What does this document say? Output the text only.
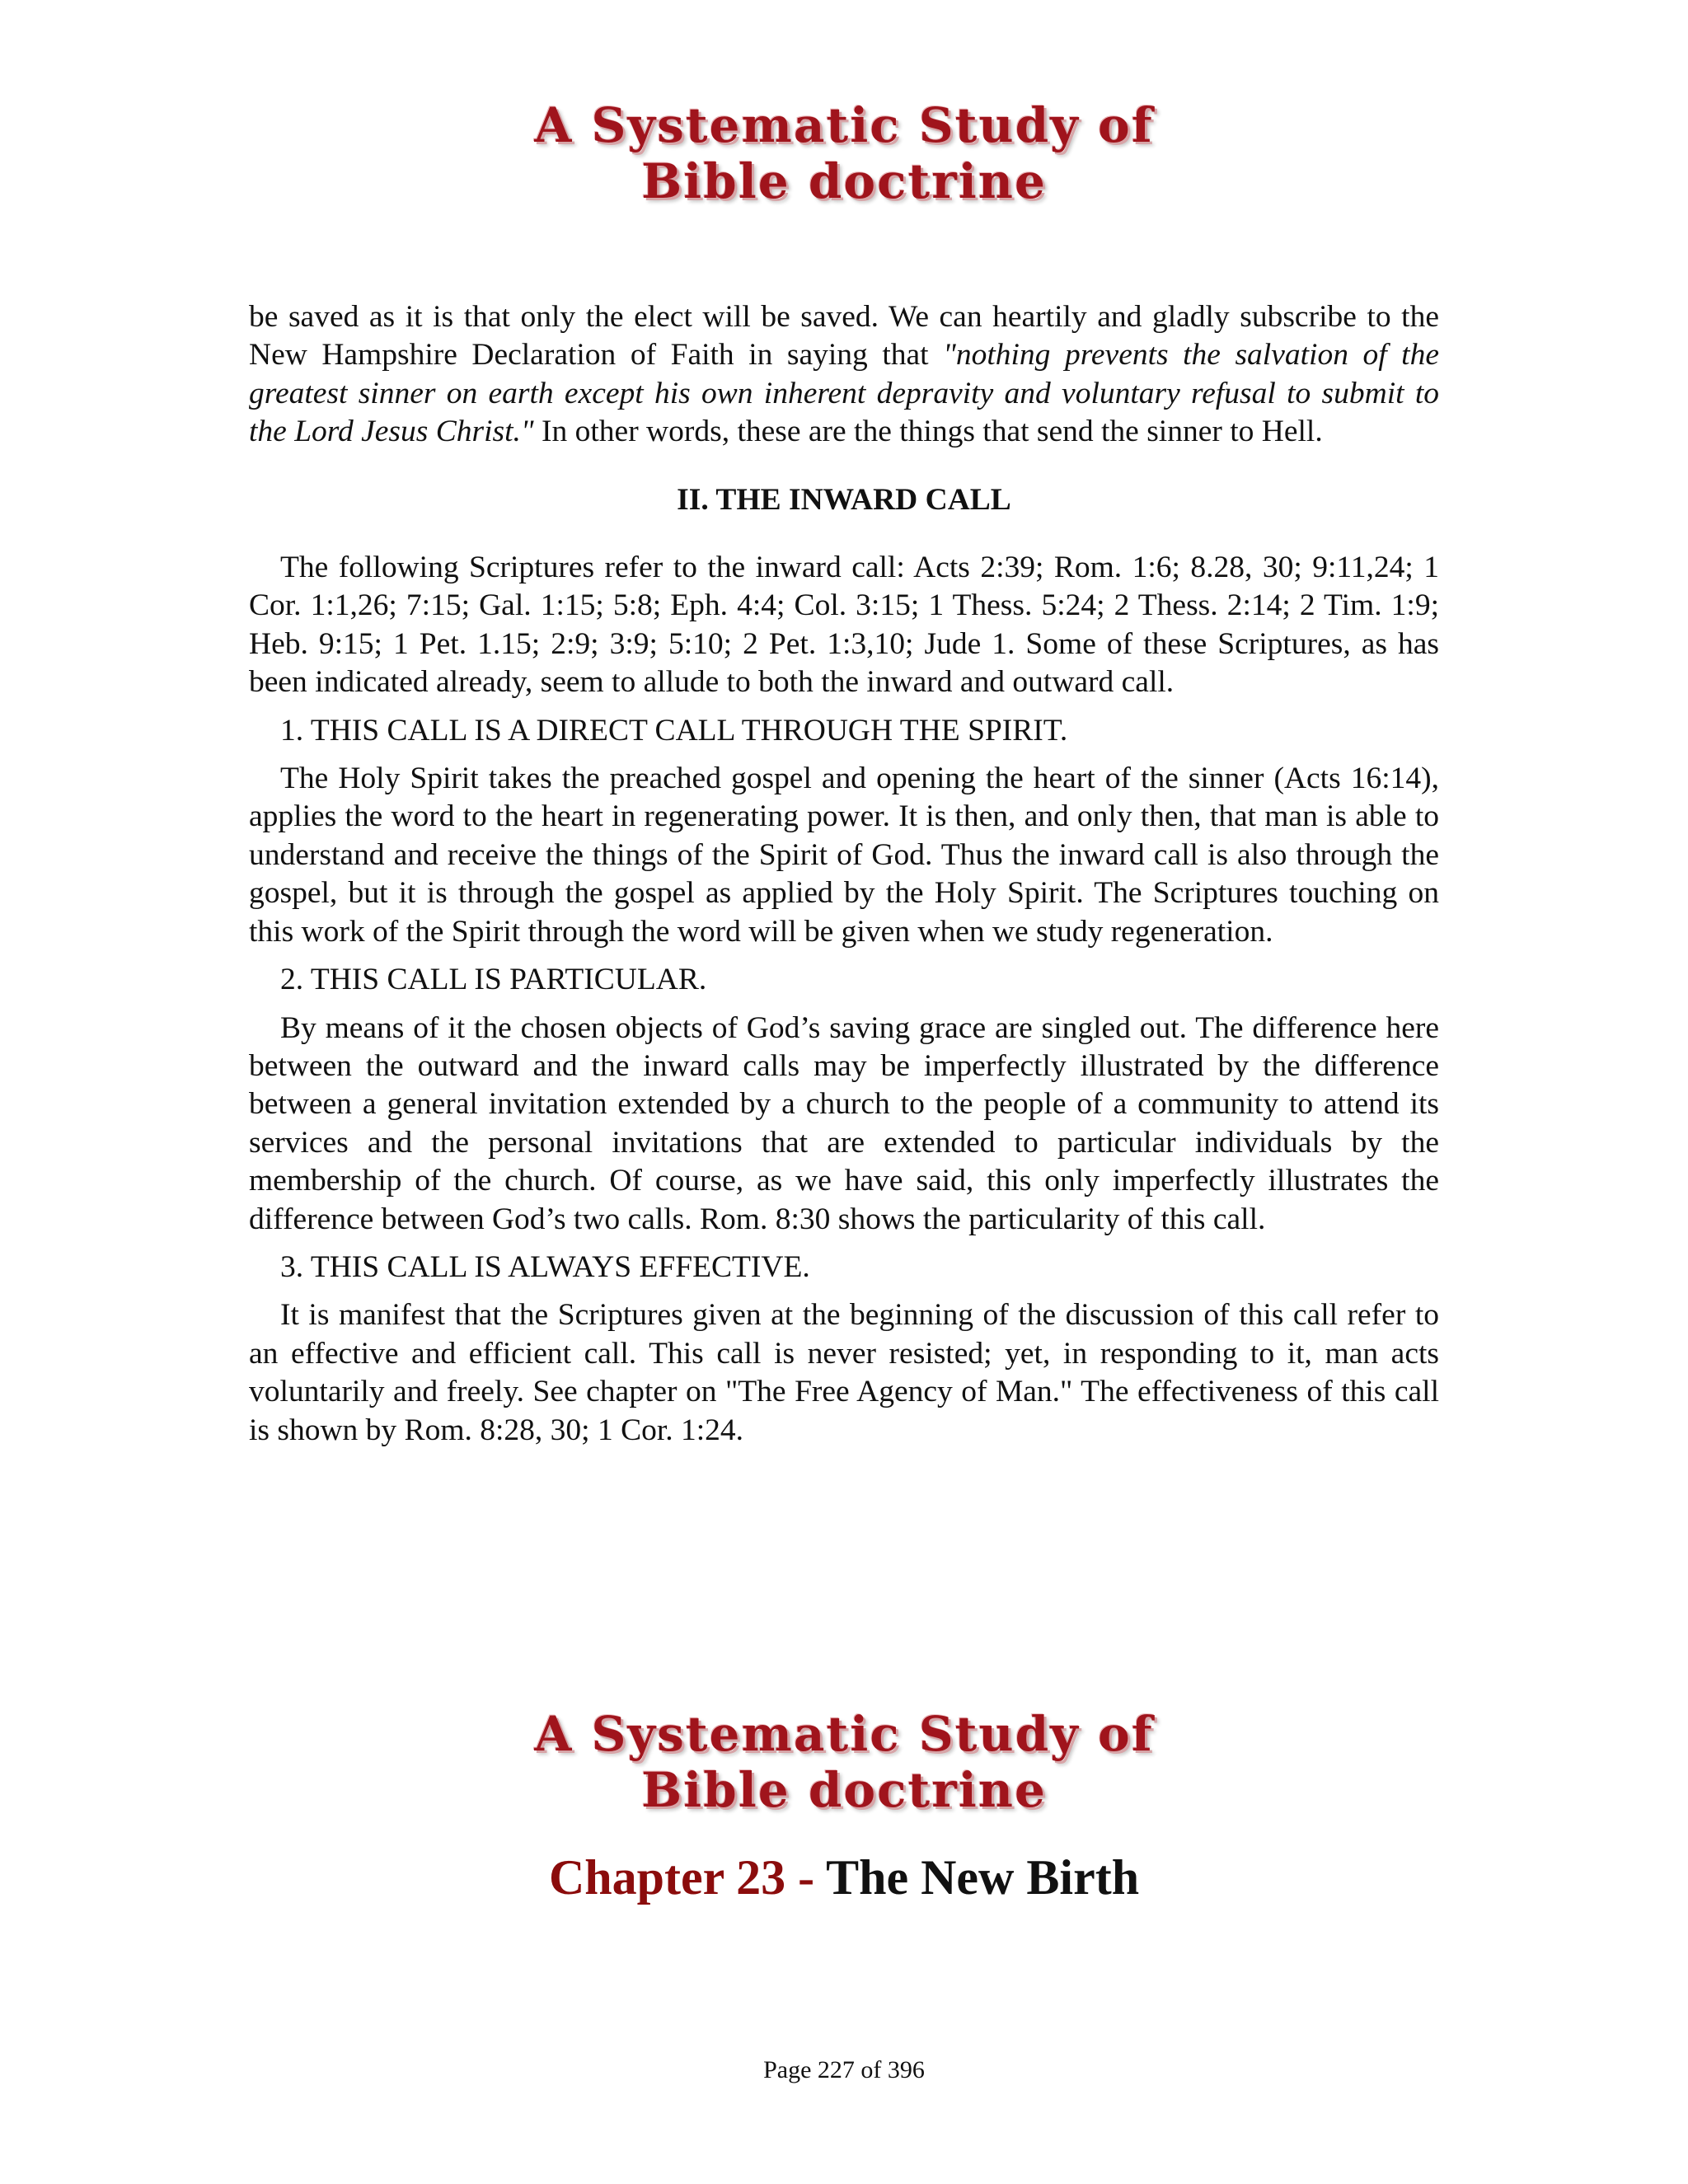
A Systematic Study of
Bible doctrine

be saved as it is that only the elect will be saved. We can heartily and gladly subscribe to the New Hampshire Declaration of Faith in saying that "nothing prevents the salvation of the greatest sinner on earth except his own inherent depravity and voluntary refusal to submit to the Lord Jesus Christ." In other words, these are the things that send the sinner to Hell.

II. THE INWARD CALL

The following Scriptures refer to the inward call: Acts 2:39; Rom. 1:6; 8.28, 30; 9:11,24; 1 Cor. 1:1,26; 7:15; Gal. 1:15; 5:8; Eph. 4:4; Col. 3:15; 1 Thess. 5:24; 2 Thess. 2:14; 2 Tim. 1:9; Heb. 9:15; 1 Pet. 1.15; 2:9; 3:9; 5:10; 2 Pet. 1:3,10; Jude 1. Some of these Scriptures, as has been indicated already, seem to allude to both the inward and outward call.

1. THIS CALL IS A DIRECT CALL THROUGH THE SPIRIT.

The Holy Spirit takes the preached gospel and opening the heart of the sinner (Acts 16:14), applies the word to the heart in regenerating power. It is then, and only then, that man is able to understand and receive the things of the Spirit of God. Thus the inward call is also through the gospel, but it is through the gospel as applied by the Holy Spirit. The Scriptures touching on this work of the Spirit through the word will be given when we study regeneration.

2. THIS CALL IS PARTICULAR.

By means of it the chosen objects of God’s saving grace are singled out. The difference here between the outward and the inward calls may be imperfectly illustrated by the difference between a general invitation extended by a church to the people of a community to attend its services and the personal invitations that are extended to particular individuals by the membership of the church. Of course, as we have said, this only imperfectly illustrates the difference between God’s two calls. Rom. 8:30 shows the particularity of this call.

3. THIS CALL IS ALWAYS EFFECTIVE.

It is manifest that the Scriptures given at the beginning of the discussion of this call refer to an effective and efficient call. This call is never resisted; yet, in responding to it, man acts voluntarily and freely. See chapter on "The Free Agency of Man." The effectiveness of this call is shown by Rom. 8:28, 30; 1 Cor. 1:24.

A Systematic Study of
Bible doctrine
Chapter 23 - The New Birth
Page 227 of 396
